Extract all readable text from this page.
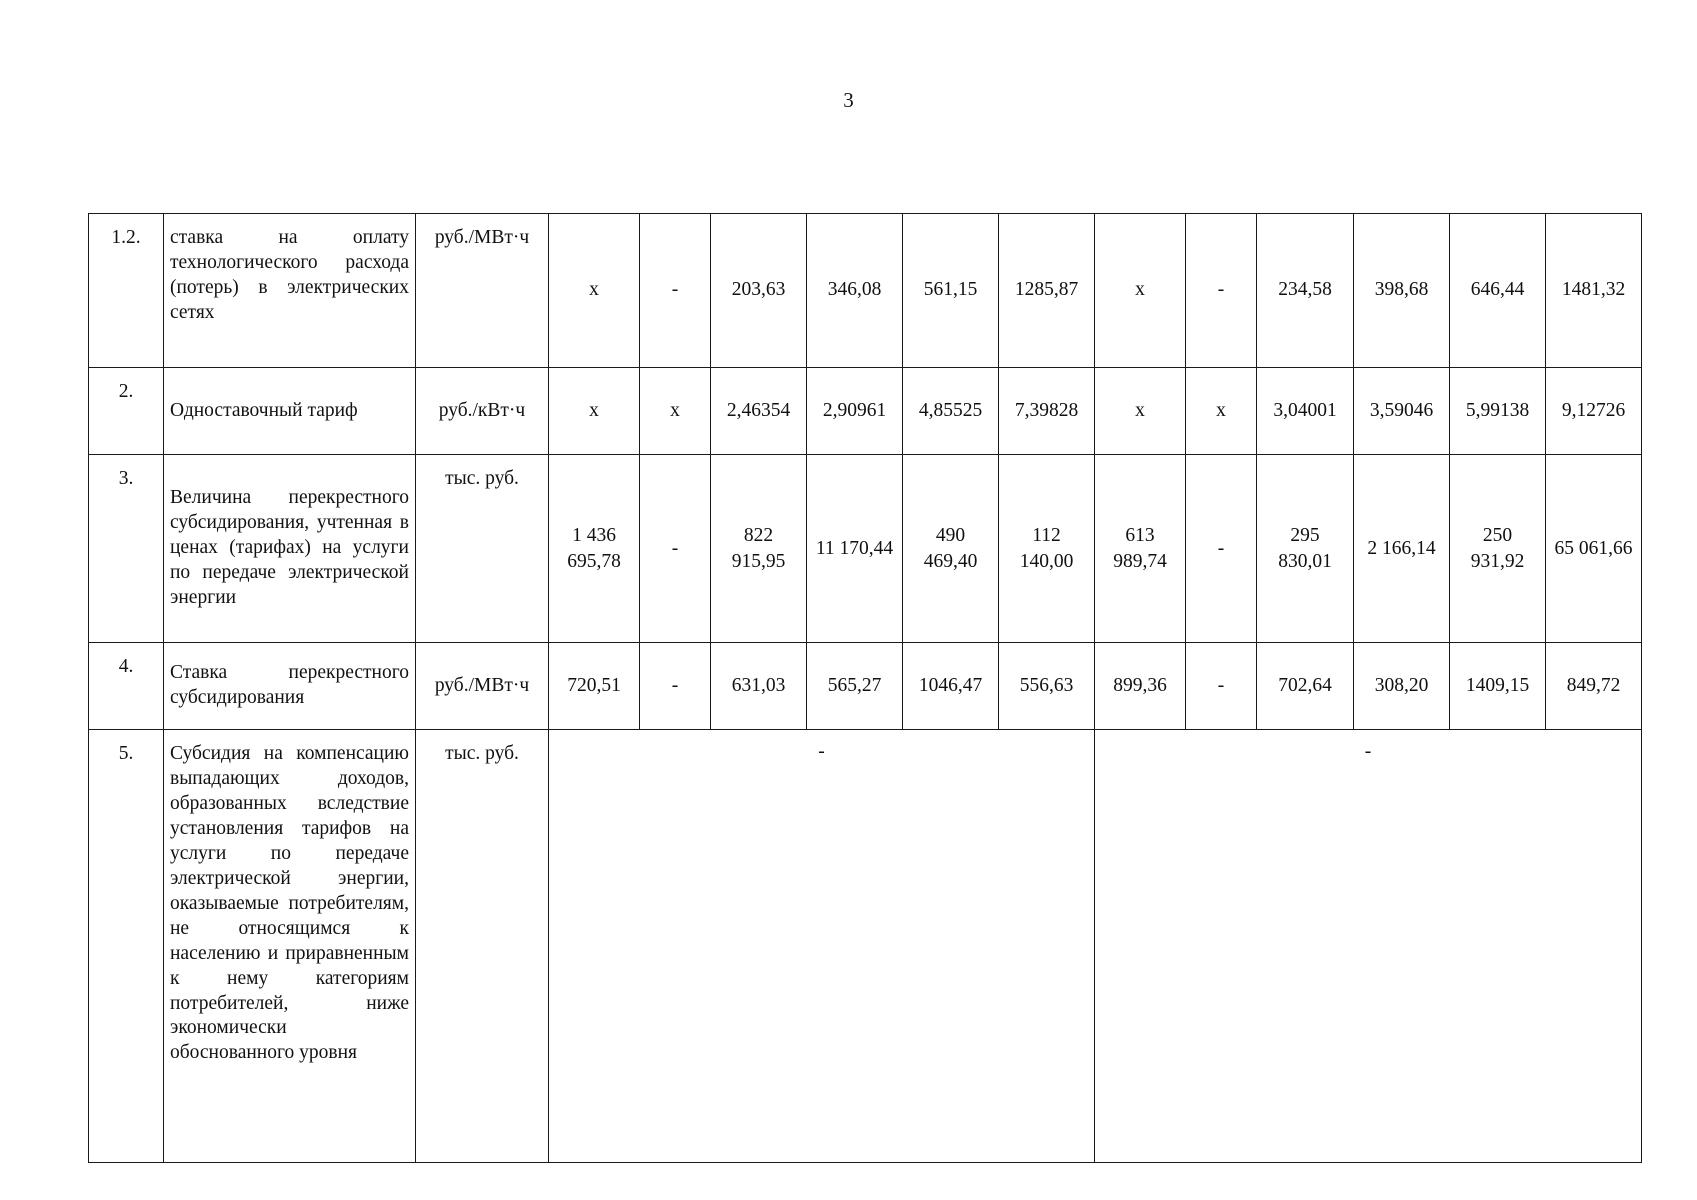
3
1.2.	ставка на оплату технологического расхода (потерь) в электрических сетях	руб./МВт·ч	х	-	203,63	346,08	561,15	1285,87	х	-	234,58	398,68	646,44	1481,32
2.	Одноставочный тариф	руб./кВт·ч	х	х	2,46354	2,90961	4,85525	7,39828	х	х	3,04001	3,59046	5,99138	9,12726
3.	Величина перекрестного субсидирования, учтенная в ценах (тарифах) на услуги по передаче электрической энергии	тыс. руб.	1 436 695,78	-	822 915,95	11 170,44	490 469,40	112 140,00	613 989,74	-	295 830,01	2 166,14	250 931,92	65 061,66
4.	Ставка перекрестного субсидирования	руб./МВт·ч	720,51	-	631,03	565,27	1046,47	556,63	899,36	-	702,64	308,20	1409,15	849,72
5.	Субсидия на компенсацию выпадающих доходов, образованных вследствие установления тарифов на услуги по передаче электрической энергии, оказываемые потребителям, не относящимся к населению и приравненным к нему категориям потребителей, ниже экономически обоснованного уровня	тыс. руб.	-						-					
